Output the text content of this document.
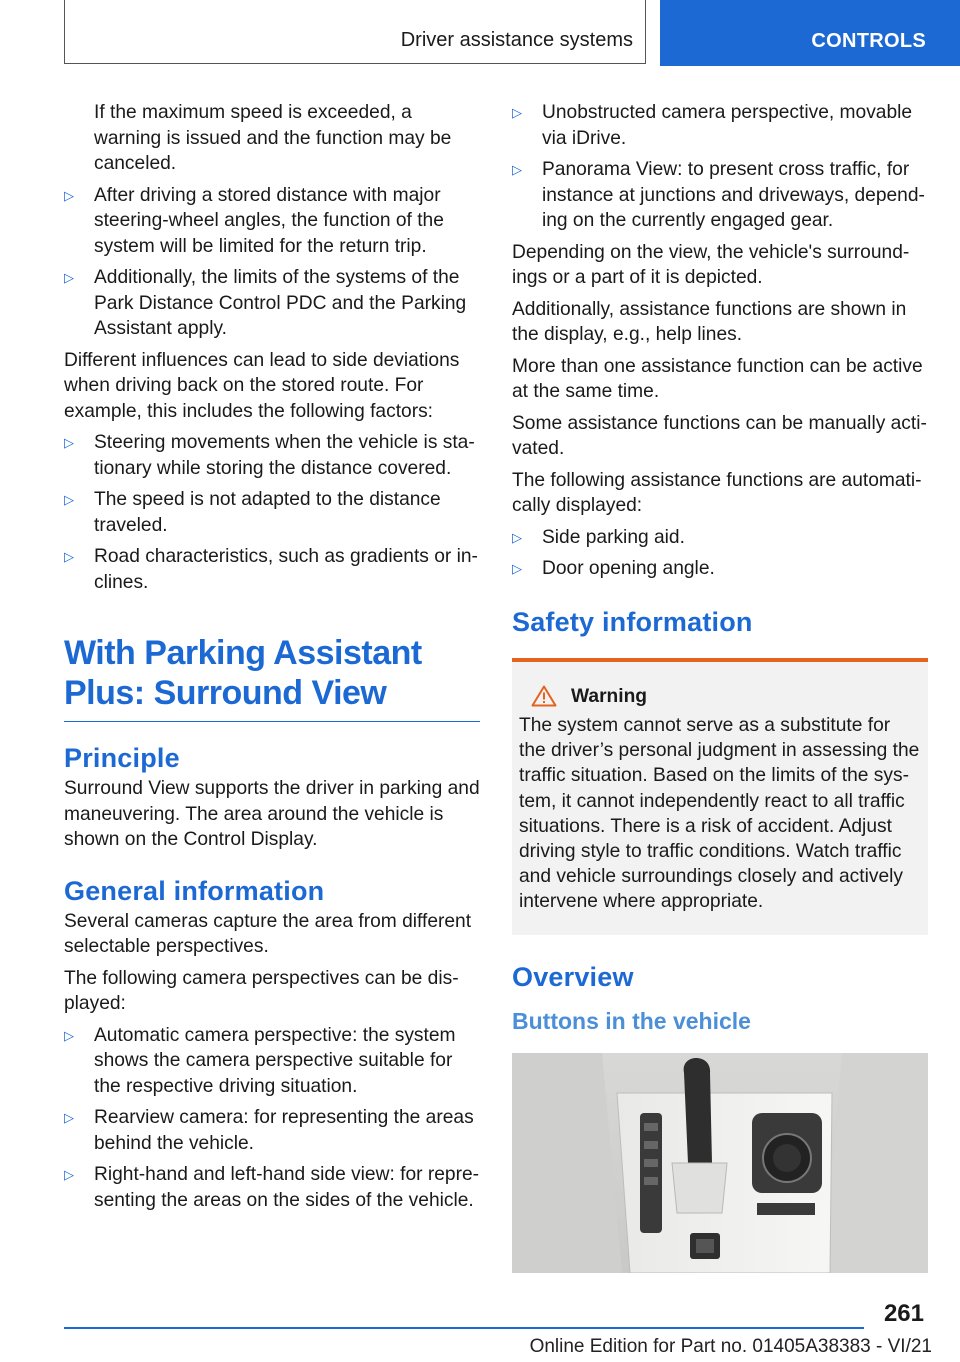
Driver assistance systems	CONTROLS

If the maximum speed is exceeded, a warning is issued and the function may be canceled.

▷ After driving a stored distance with major steering-wheel angles, the function of the system will be limited for the return trip.
▷ Additionally, the limits of the systems of the Park Distance Control PDC and the Parking Assistant apply.

Different influences can lead to side deviations when driving back on the stored route. For example, this includes the following factors:

▷ Steering movements when the vehicle is stationary while storing the distance covered.
▷ The speed is not adapted to the distance traveled.
▷ Road characteristics, such as gradients or inclines.
With Parking Assistant Plus: Surround View
Principle

Surround View supports the driver in parking and maneuvering. The area around the vehicle is shown on the Control Display.

General information

Several cameras capture the area from different selectable perspectives.

The following camera perspectives can be displayed:

▷ Automatic camera perspective: the system shows the camera perspective suitable for the respective driving situation.
▷ Rearview camera: for representing the areas behind the vehicle.
▷ Right-hand and left-hand side view: for representing the areas on the sides of the vehicle.
▷ Unobstructed camera perspective, movable via iDrive.
▷ Panorama View: to present cross traffic, for instance at junctions and driveways, depending on the currently engaged gear.

Depending on the view, the vehicle's surroundings or a part of it is depicted.

Additionally, assistance functions are shown in the display, e.g., help lines.

More than one assistance function can be active at the same time.

Some assistance functions can be manually activated.

The following assistance functions are automatically displayed:

▷ Side parking aid.
▷ Door opening angle.
Safety information
Warning
The system cannot serve as a substitute for the driver’s personal judgment in assessing the traffic situation. Based on the limits of the system, it cannot independently react to all traffic situations. There is a risk of accident. Adjust driving style to traffic conditions. Watch traffic and vehicle surroundings closely and actively intervene where appropriate.
Overview
Buttons in the vehicle
261
Online Edition for Part no. 01405A38383 - VI/21
